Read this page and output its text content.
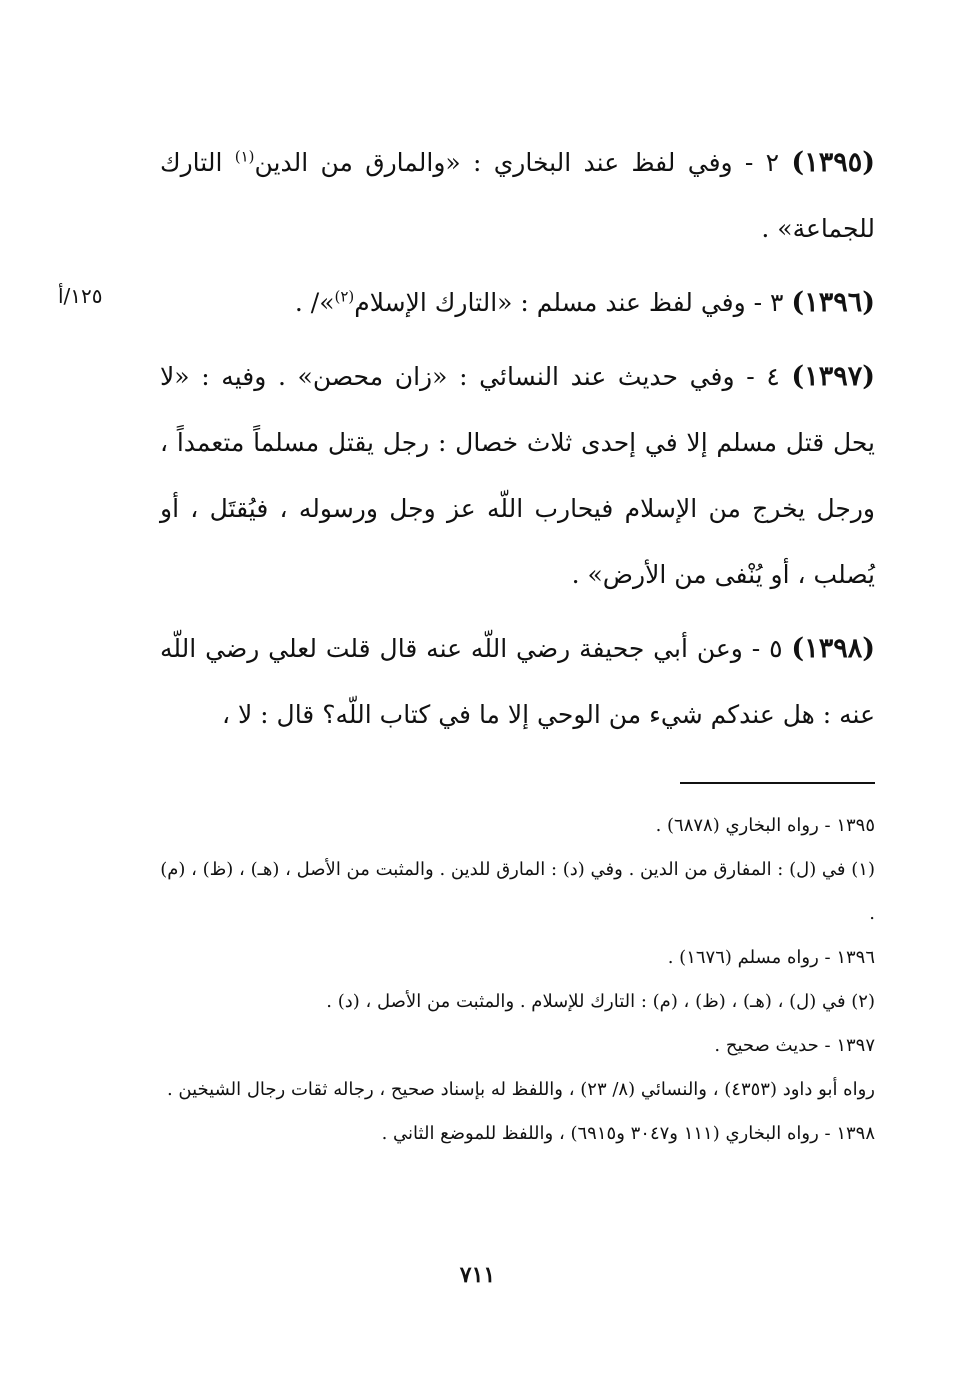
١٢٥/أ

(١٣٩٥) ٢ - وفي لفظ عند البخاري : «والمارق من الدين$^{(١)}$ التارك للجماعة» .

(١٣٩٦) ٣ - وفي لفظ عند مسلم : «التارك الإسلام$^{(٢)}$»/ .

(١٣٩٧) ٤ - وفي حديث عند النسائي : «زان محصن» . وفيه : «لا يحل قتل مسلم إلا في إحدى ثلاث خصال : رجل يقتل مسلماً متعمداً ، ورجل يخرج من الإسلام فيحارب اللّه عز وجل ورسوله ، فيُقتَل ، أو يُصلب ، أو يُنْفى من الأرض» .

(١٣٩٨) ٥ - وعن أبي جحيفة رضي اللّه عنه قال قلت لعلي رضي اللّه عنه : هل عندكم شيء من الوحي إلا ما في كتاب اللّه؟ قال : لا ،

١٣٩٥ - رواه البخاري (٦٨٧٨) .

(١) في (ل) : المفارق من الدين . وفي (د) : المارق للدين . والمثبت من الأصل ، (هـ) ، (ظ) ، (م) .

١٣٩٦ - رواه مسلم (١٦٧٦) .

(٢) في (ل) ، (هـ) ، (ظ) ، (م) : التارك للإسلام . والمثبت من الأصل ، (د) .

١٣٩٧ - حديث صحيح .

رواه أبو داود (٤٣٥٣) ، والنسائي (٨/ ٢٣) ، واللفظ له بإسناد صحيح ، رجاله ثقات رجال الشيخين .

١٣٩٨ - رواه البخاري (١١١ و٣٠٤٧ و٦٩١٥) ، واللفظ للموضع الثاني .

٧١١
